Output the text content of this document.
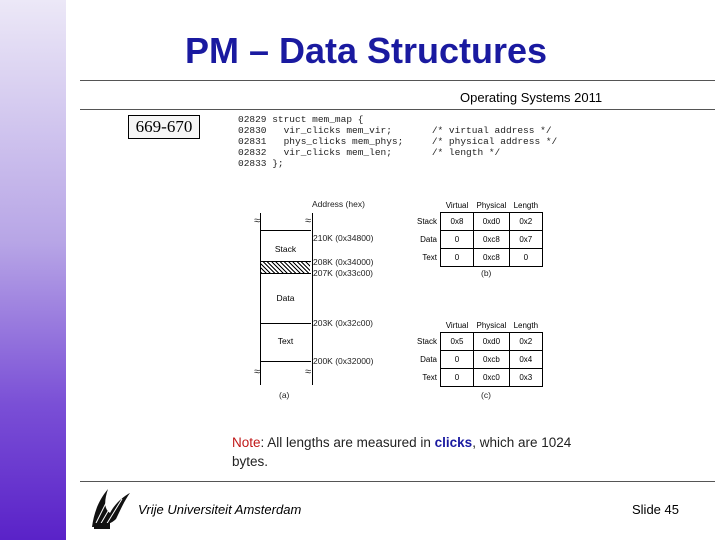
PM – Data Structures
Operating Systems 2011
669-670	02829 struct mem_map {
02830   vir_clicks mem_vir;       /* virtual address */
02831   phys_clicks mem_phys;     /* physical address */
02832   vir_clicks mem_len;       /* length */
02833 };
Address (hex)
≈	≈
≈	≈
Stack
Data
Text
210K (0x34800)
208K (0x34000)
207K (0x33c00)
203K (0x32c00)
200K (0x32000)
(a)
	Virtual	Physical	Length
Stack	0x8	0xd0	0x2
Data	0	0xc8	0x7
Text	0	0xc8	0
(b)
	Virtual	Physical	Length
Stack	0x5	0xd0	0x2
Data	0	0xcb	0x4
Text	0	0xc0	0x3
(c)
Note: All lengths are measured in clicks, which are 1024 bytes.
Vrije Universiteit Amsterdam	Slide 45
